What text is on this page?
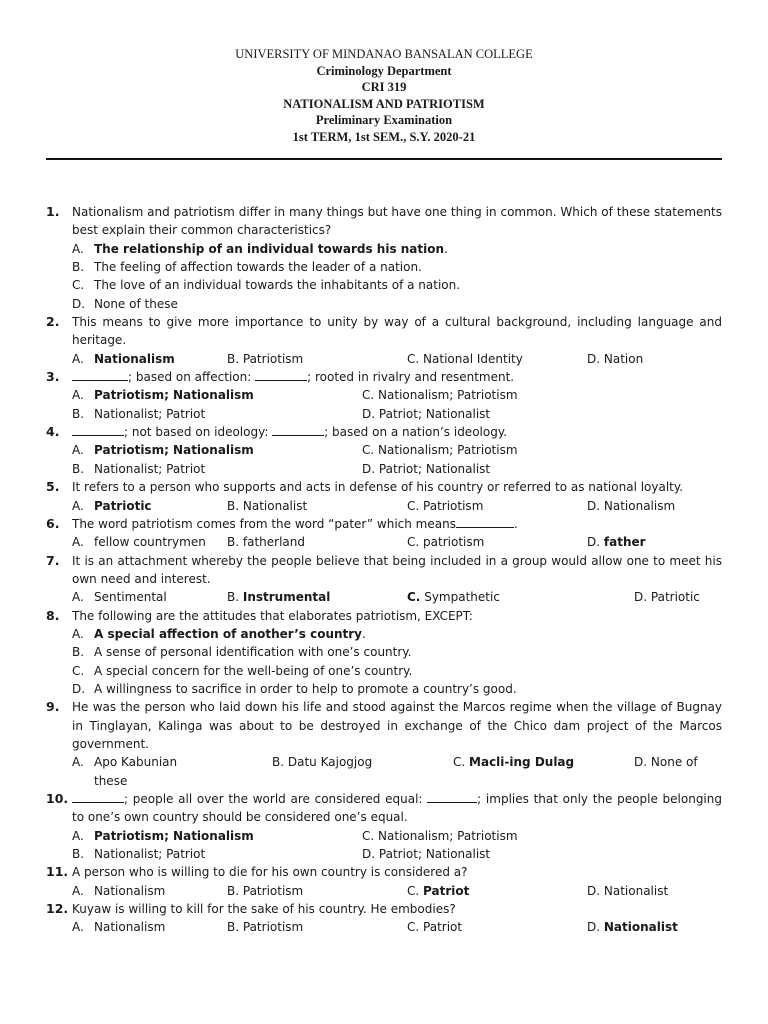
UNIVERSITY OF MINDANAO BANSALAN COLLEGE
Criminology Department
CRI 319
NATIONALISM AND PATRIOTISM
Preliminary Examination
1st TERM, 1st SEM., S.Y. 2020-21
1.	Nationalism and patriotism differ in many things but have one thing in common. Which of these statements best explain their common characteristics?
A. The relationship of an individual towards his nation.
B. The feeling of affection towards the leader of a nation.
C. The love of an individual towards the inhabitants of a nation.
D. None of these
2.	This means to give more importance to unity by way of a cultural background, including language and heritage.
A. Nationalism	B. Patriotism	C. National Identity	D. Nation
3.	; based on affection:	; rooted in rivalry and resentment.
A. Patriotism; Nationalism	C. Nationalism; Patriotism
B. Nationalist; Patriot	D. Patriot; Nationalist
4.	; not based on ideology:	; based on a nation’s ideology.
A. Patriotism; Nationalism	C. Nationalism; Patriotism
B. Nationalist; Patriot	D. Patriot; Nationalist
5.	It refers to a person who supports and acts in defense of his country or referred to as national loyalty.
A. Patriotic	B. Nationalist	C. Patriotism	D. Nationalism
6.	The word patriotism comes from the word “pater” which means	.
A. fellow countrymen B. fatherland	C. patriotism	D. father
7.	It is an attachment whereby the people believe that being included in a group would allow one to meet his own need and interest.
A. Sentimental	B. Instrumental	C. Sympathetic	D. Patriotic
8.	The following are the attitudes that elaborates patriotism, EXCEPT:
A. A special affection of another’s country.
B. A sense of personal identification with one’s country.
C. A special concern for the well-being of one’s country.
D. A willingness to sacrifice in order to help to promote a country’s good.
9.	He was the person who laid down his life and stood against the Marcos regime when the village of Bugnay in Tinglayan, Kalinga was about to be destroyed in exchange of the Chico dam project of the Marcos government.
A. Apo Kabunian	B. Datu Kajogjog	C. Macli-ing Dulag	D. None of
these
10.	; people all over the world are considered equal:	; implies that only the people belonging to one’s own country should be considered one’s equal.
A. Patriotism; Nationalism	C. Nationalism; Patriotism
B. Nationalist; Patriot	D. Patriot; Nationalist
11. A person who is willing to die for his own country is considered a?
A. Nationalism	B. Patriotism	C. Patriot	D. Nationalist
12. Kuyaw is willing to kill for the sake of his country. He embodies?
A. Nationalism	B. Patriotism	C. Patriot	D. Nationalist
